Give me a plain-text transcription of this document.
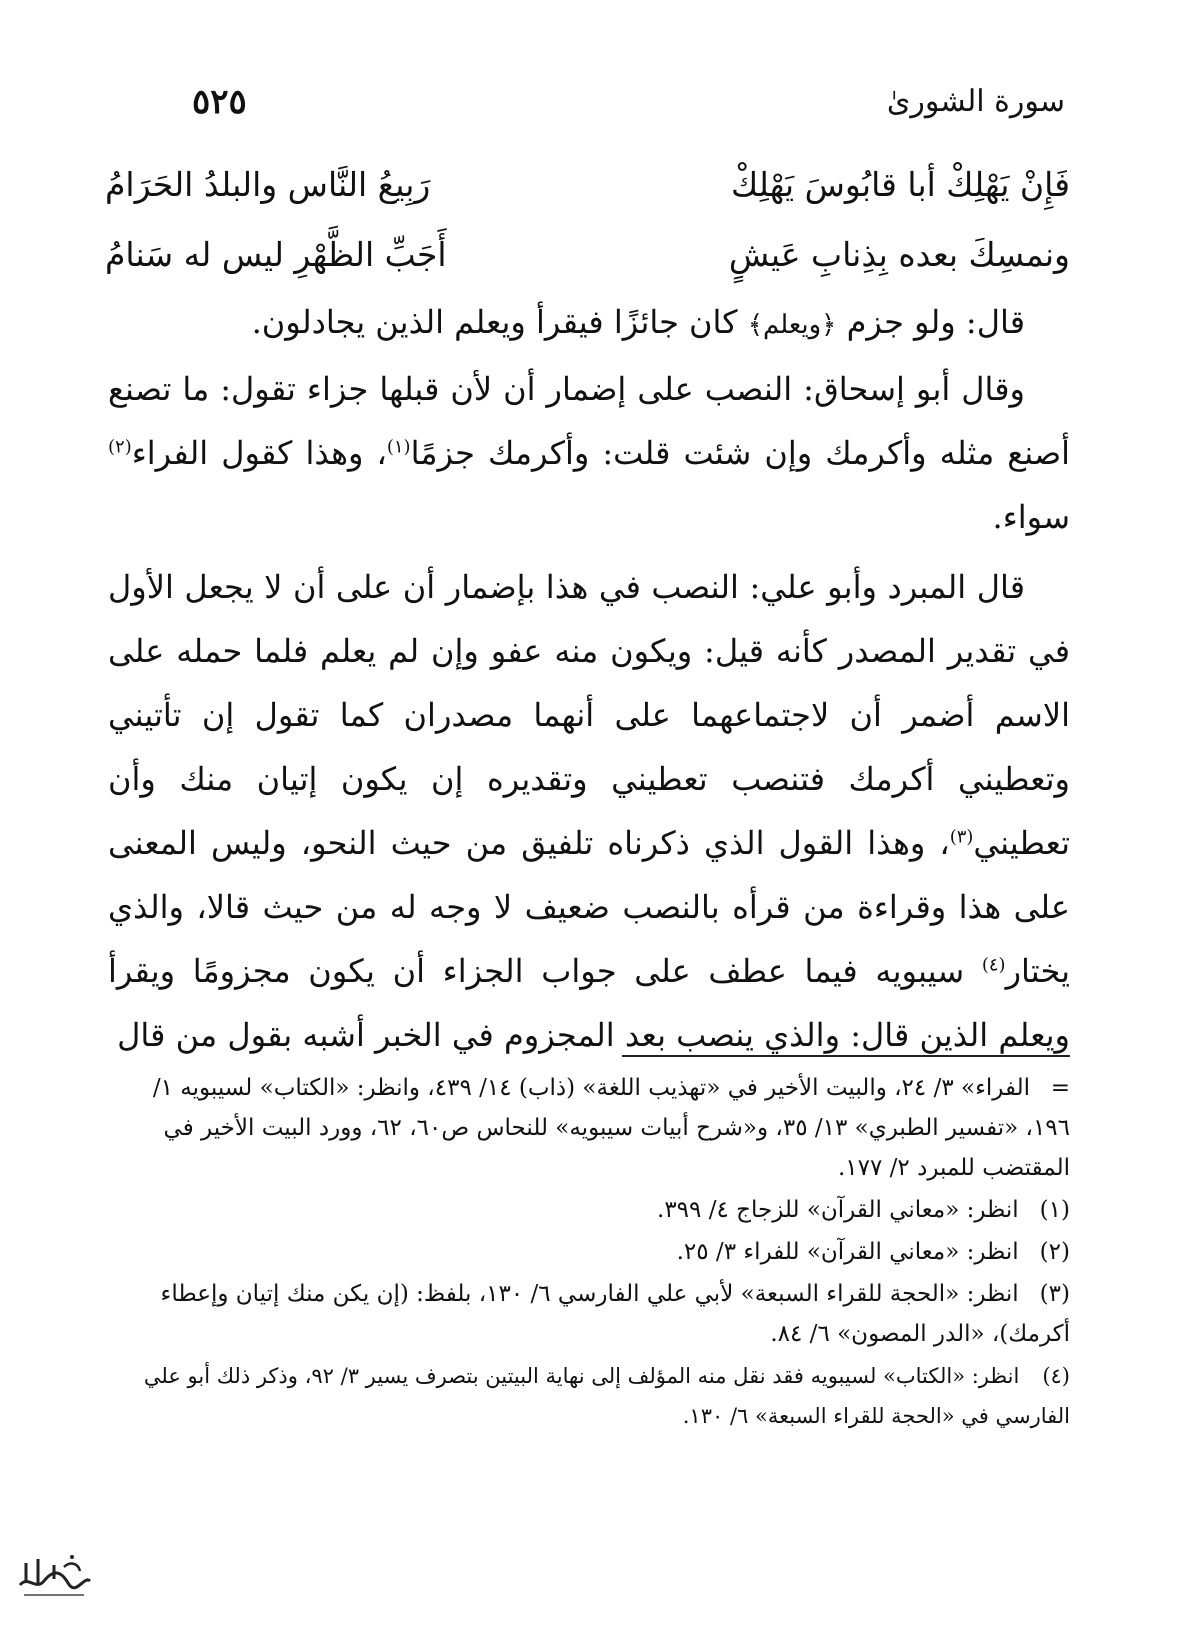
سورة الشورىٰ
٥٢٥
فَإِنْ يَهْلِكْ أبا قابُوسَ يَهْلِكْ
رَبِيعُ النَّاس والبلدُ الحَرَامُ
ونمسِكَ بعده بِذِنابِ عَيشٍ
أَجَبِّ الظَّهْرِ ليس له سَنامُ

قال: ولو جزم ﴿ويعلم﴾ كان جائزًا فيقرأ ويعلم الذين يجادلون.

وقال أبو إسحاق: النصب على إضمار أن لأن قبلها جزاء تقول: ما تصنع أصنع مثله وأكرمك وإن شئت قلت: وأكرمك جزمًا$^{(١)}$، وهذا كقول الفراء$^{(٢)}$ سواء.

قال المبرد وأبو علي: النصب في هذا بإضمار أن على أن لا يجعل الأول في تقدير المصدر كأنه قيل: ويكون منه عفو وإن لم يعلم فلما حمله على الاسم أضمر أن لاجتماعهما على أنهما مصدران كما تقول إن تأتيني وتعطيني أكرمك فتنصب تعطيني وتقديره إن يكون إتيان منك وأن تعطيني$^{(٣)}$، وهذا القول الذي ذكرناه تلفيق من حيث النحو، وليس المعنى على هذا وقراءة من قرأه بالنصب ضعيف لا وجه له من حيث قالا، والذي يختار$^{(٤)}$ سيبويه فيما عطف على جواب الجزاء أن يكون مجزومًا ويقرأ ويعلم الذين قال: والذي ينصب بعد المجزوم في الخبر أشبه بقول من قال

=الفراء» ٣/ ٢٤، والبيت الأخير في «تهذيب اللغة» (ذاب) ١٤/ ٤٣٩، وانظر: «الكتاب» لسيبويه ١/ ١٩٦، «تفسير الطبري» ١٣/ ٣٥، و«شرح أبيات سيبويه» للنحاس ص٦٠، ٦٢، وورد البيت الأخير في المقتضب للمبرد ٢/ ١٧٧.

(١) انظر: «معاني القرآن» للزجاج ٤/ ٣٩٩.

(٢) انظر: «معاني القرآن» للفراء ٣/ ٢٥.

(٣) انظر: «الحجة للقراء السبعة» لأبي علي الفارسي ٦/ ١٣٠، بلفظ: (إن يكن منك إتيان وإعطاء أكرمك)، «الدر المصون» ٦/ ٨٤.

(٤) انظر: «الكتاب» لسيبويه فقد نقل منه المؤلف إلى نهاية البيتين بتصرف يسير ٣/ ٩٢، وذكر ذلك أبو علي الفارسي في «الحجة للقراء السبعة» ٦/ ١٣٠.
